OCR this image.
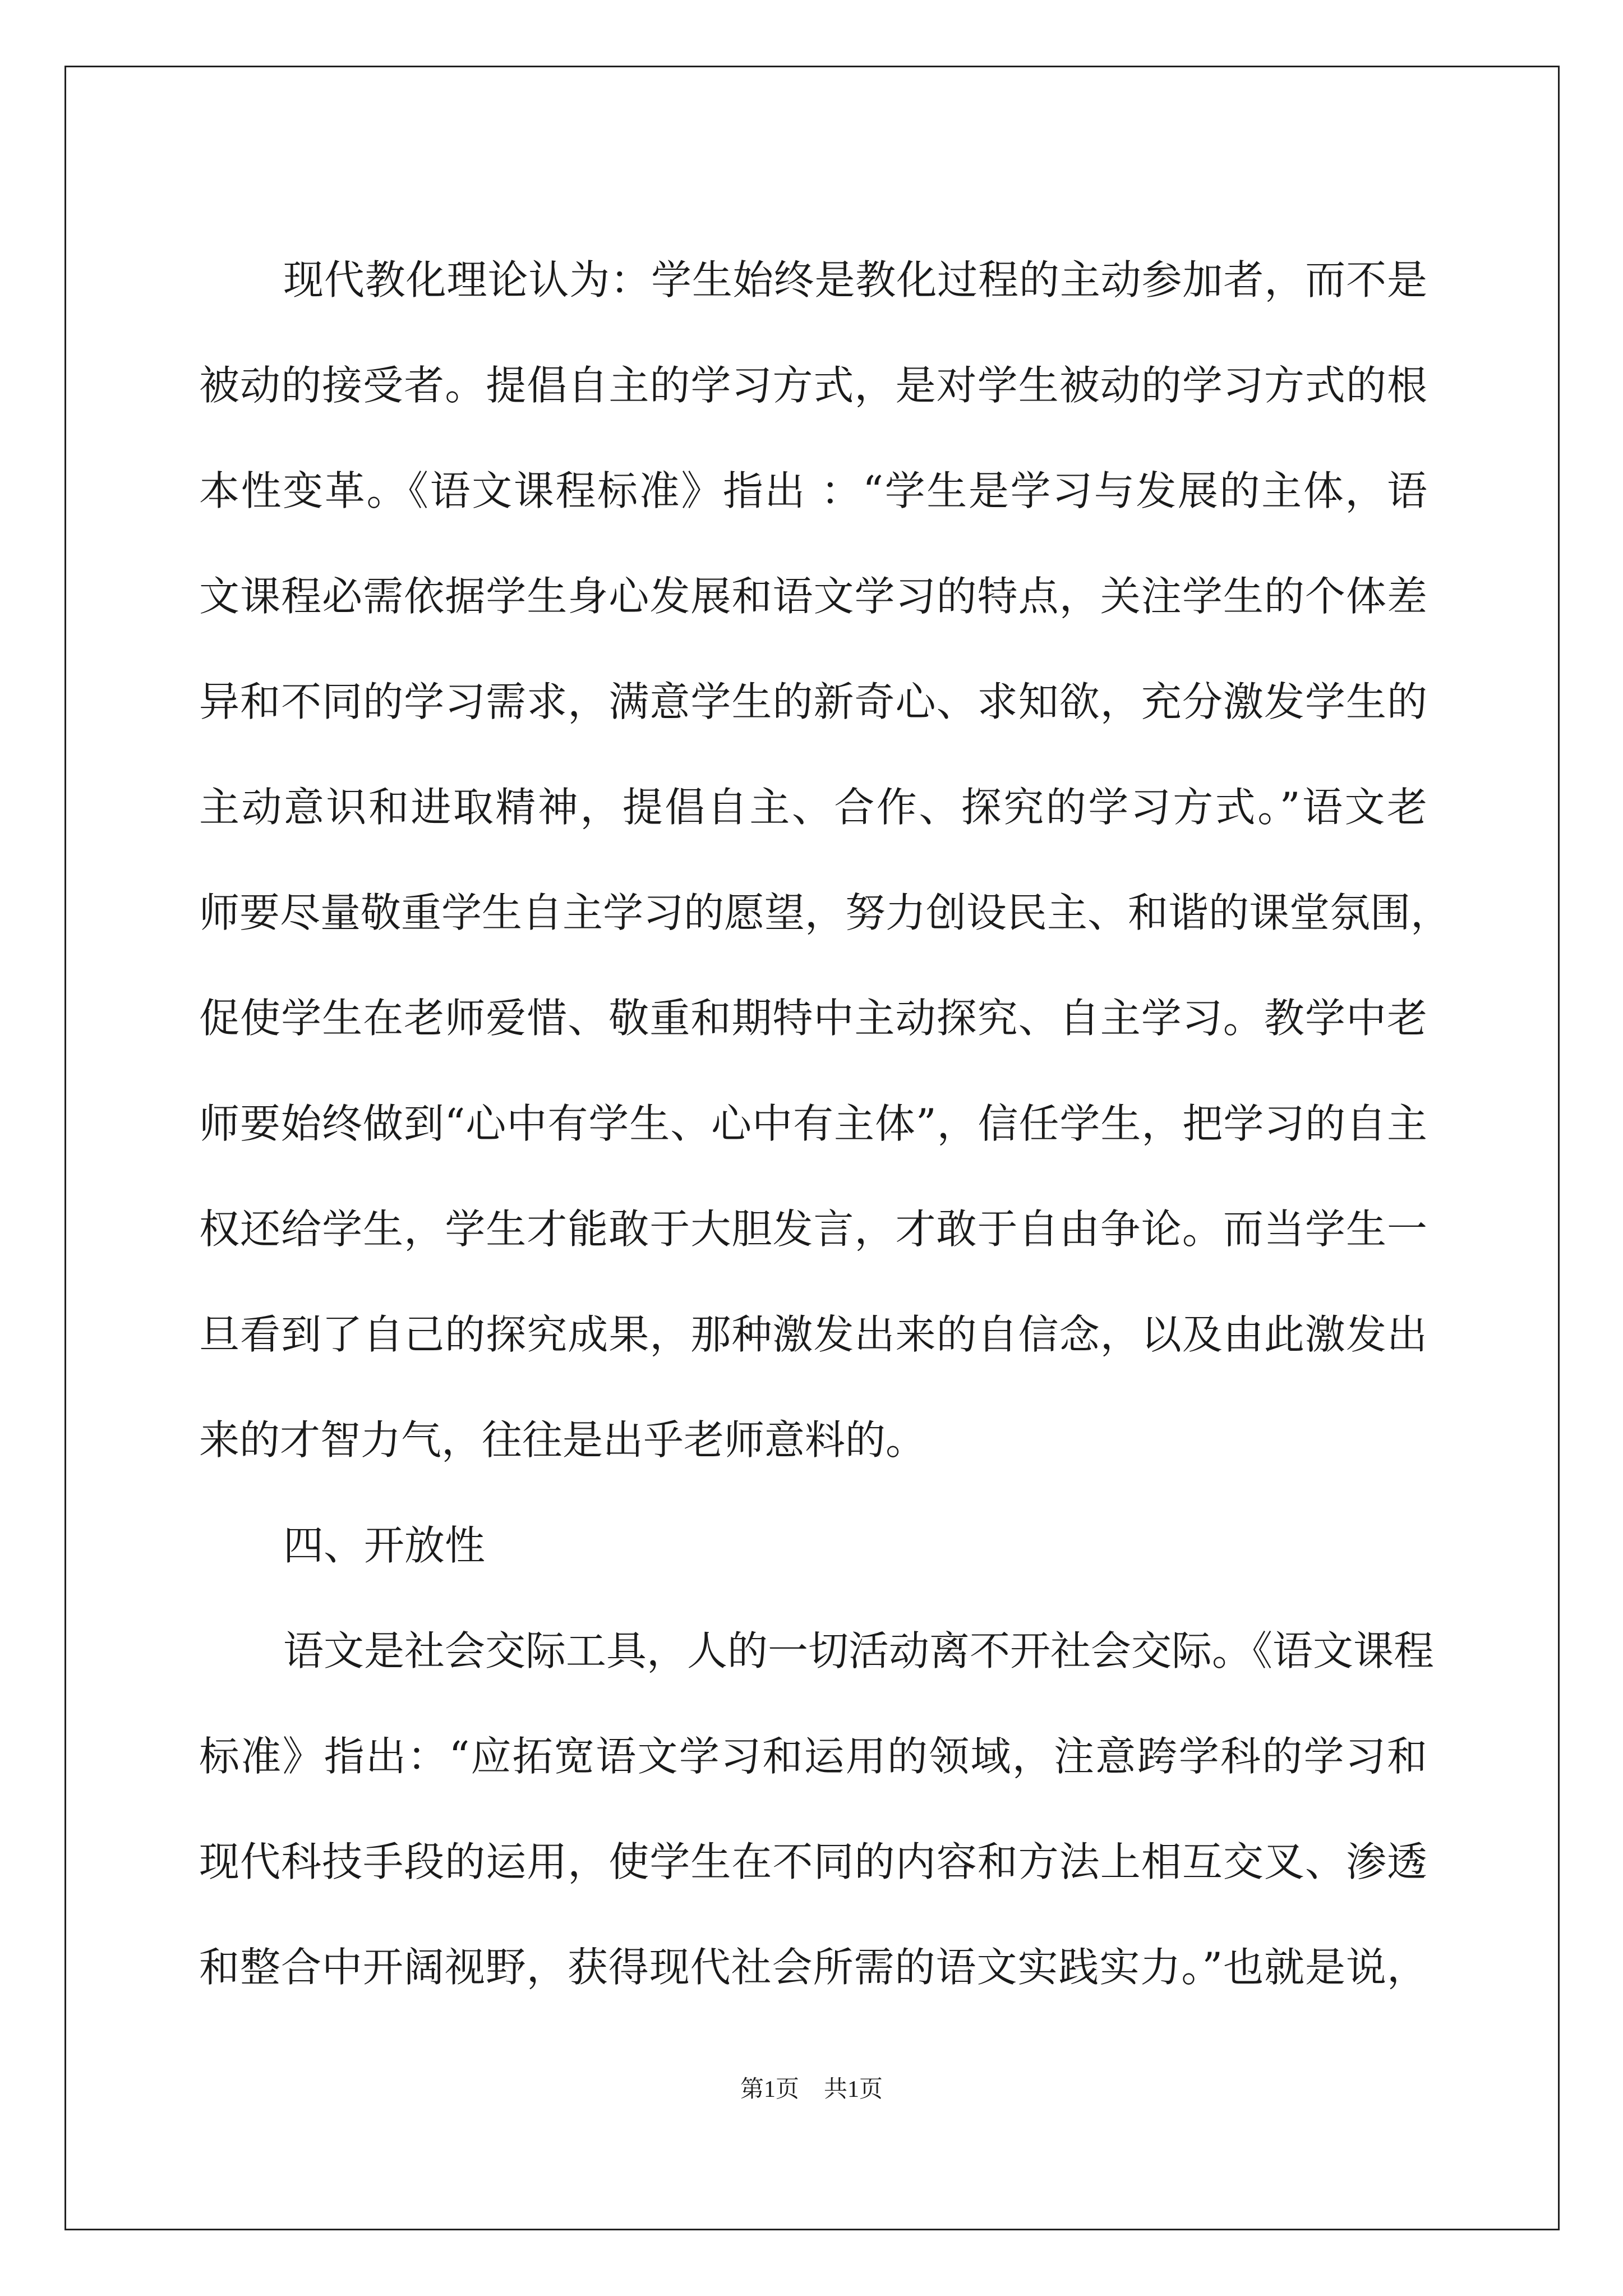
现代教化理论认为：学生始终是教化过程的主动参加者，而不是
被动的接受者。提倡自主的学习方式，是对学生被动的学习方式的根
本性变革。《语文课程标准》指出 ：“学生是学习与发展的主体，语
文课程必需依据学生身心发展和语文学习的特点，关注学生的个体差
异和不同的学习需求，满意学生的新奇心、求知欲，充分激发学生的
主动意识和进取精神，提倡自主、合作、探究的学习方式。”语文老
师要尽量敬重学生自主学习的愿望，努力创设民主、和谐的课堂氛围，
促使学生在老师爱惜、敬重和期特中主动探究、自主学习。教学中老
师要始终做到“心中有学生、心中有主体”，信任学生，把学习的自主
权还给学生，学生才能敢于大胆发言，才敢于自由争论。而当学生一
旦看到了自己的探究成果，那种激发出来的自信念，以及由此激发出
来的才智力气，往往是出乎老师意料的。
四、开放性
语文是社会交际工具，人的一切活动离不开社会交际。《语文课程
标准》指出：“应拓宽语文学习和运用的领域，注意跨学科的学习和
现代科技手段的运用，使学生在不同的内容和方法上相互交叉、渗透
和整合中开阔视野，获得现代社会所需的语文实践实力。”也就是说，
第1页 共1页
